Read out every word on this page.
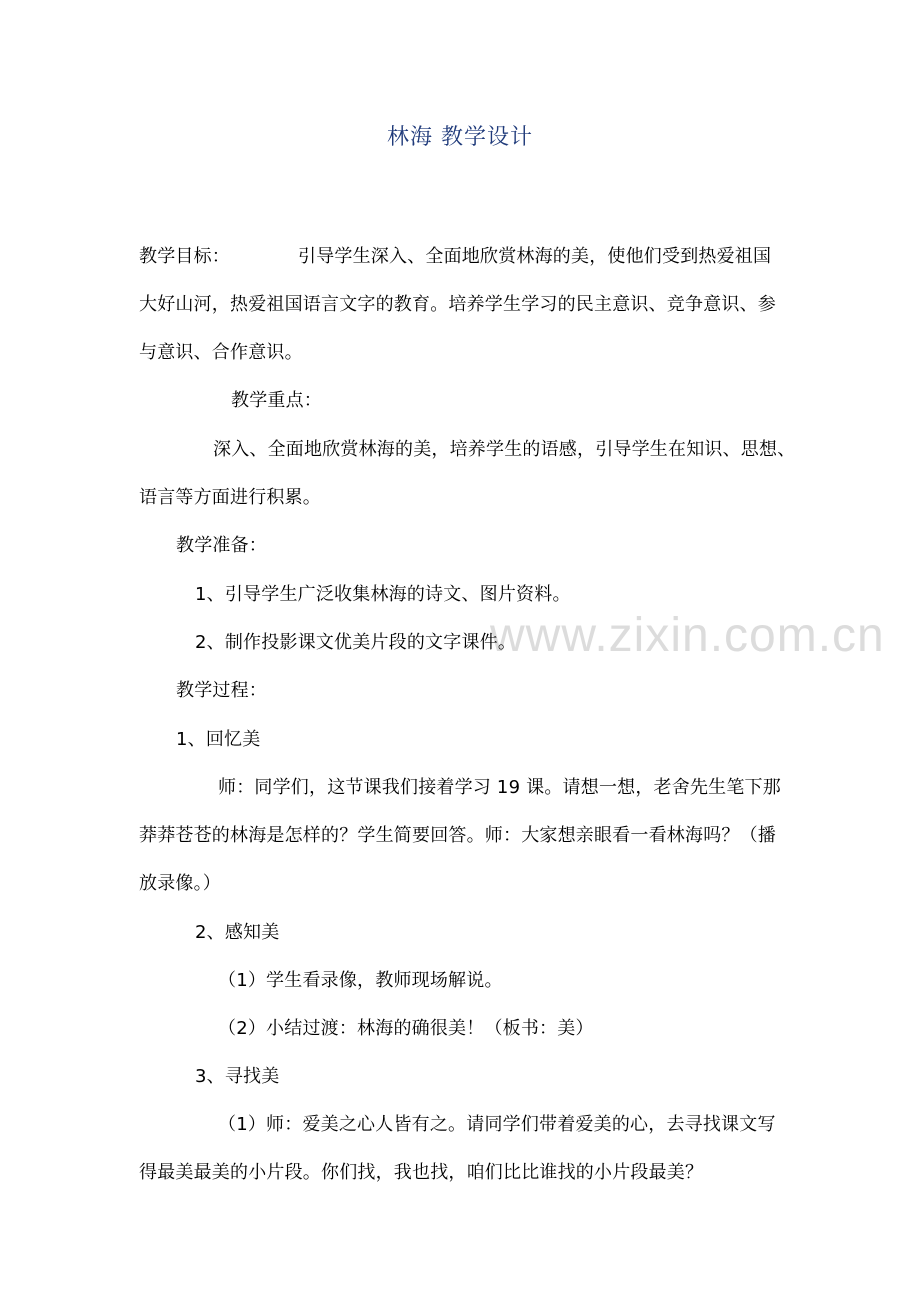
林海 教学设计
www.zixin.com.cn
教学目标：	引导学生深入、全面地欣赏林海的美，使他们受到热爱祖国
大好山河，热爱祖国语言文字的教育。培养学生学习的民主意识、竞争意识、参
与意识、合作意识。
教学重点：
深入、全面地欣赏林海的美，培养学生的语感，引导学生在知识、思想、
语言等方面进行积累。
教学准备：
1、引导学生广泛收集林海的诗文、图片资料。
2、制作投影课文优美片段的文字课件。
教学过程：
1、回忆美
师：同学们，这节课我们接着学习 19 课。请想一想，老舍先生笔下那
莽莽苍苍的林海是怎样的？学生简要回答。师：大家想亲眼看一看林海吗？（播
放录像。）
2、感知美
（1）学生看录像，教师现场解说。
（2）小结过渡：林海的确很美！（板书：美）
3、寻找美
（1）师：爱美之心人皆有之。请同学们带着爱美的心，去寻找课文写
得最美最美的小片段。你们找，我也找，咱们比比谁找的小片段最美？
